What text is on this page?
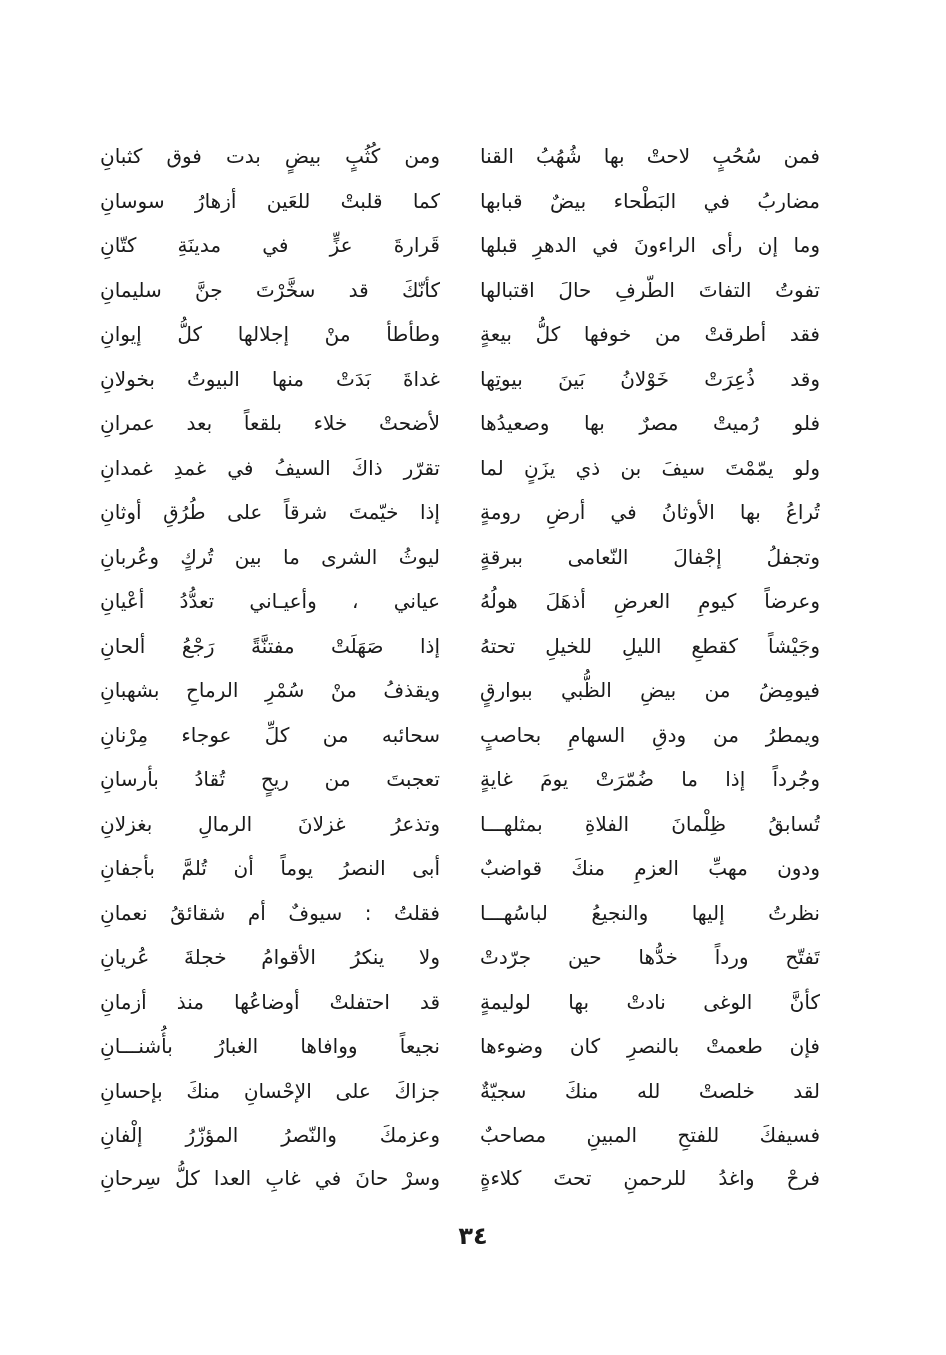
فمن سُحُبٍ لاحتْ بها شُهُبُ القنا
ومن كُثُبٍ بيضٍ بدت فوق كثبانِ
مضاربُ في البَطْحاء بيضٌ قبابها
كما قلبتْ للعَين أزهارُ سوسانِ
وما إن رأى الراءونَ في الدهرِ قبلها
قَرارةَ عزٍّ في مدينَةِ كتّانِ
تفوتُ التفاتَ الطّرفِ حالَ اقتبالها
كأنّكَ قد سخَّرْتَ جنَّ سليمانِ
فقد أطرقتْ من خوفها كلُّ بيعةٍ
وطأطأ منْ إجلالها كلُّ إيوانِ
وقد ذُعِرَتْ خَوْلانُ بَينَ بيوتِها
غداةَ بَدَتْ منها البيوتُ بخولانِ
فلو رُميتْ مصرٌ بها وصعيدُها
لأضحتْ خلاء بلقعاً بعد عمرانِ
ولو يمّمْتَ سيفَ بن ذي يزَنٍ لما
تقرّر ذاكَ السيفُ في غمدِ غمدانِ
تُراعُ بها الأوثانُ في أرضِ رومةٍ
إذا خيّمتَ شرقاً على طُرُقِ أوثانِ
وتجفلُ إجْفالَ النّعامى ببرقةٍ
ليوثُ الشرى ما بين تُركٍ وعُربانِ
وعرضاً كيومِ العرضِ أذهَلَ هولُهُ
عياني ، وأعيـاني تعدُّدُ أعْيانِ
وجَيْشاً كقطعِ الليلِ للخيلِ تحتهُ
إذا صَهَلَتْ مفتنَّةً رَجْعُ ألحانِ
فيومِضُ من بيضِ الظُّبي ببوارقٍ
ويقذفُ منْ سُمْرِ الرماحِ بشهبانِ
ويمطرُ من ودقِ السهامِ بحاصبٍ
سحائبه من كلِّ عوجاء مِرْنانِ
وجُرداً إذا ما ضُمّرَتْ يومَ غايةٍ
تعجبتَ من ريحٍ تُقادُ بأرسانِ
تُسابقُ ظِلْمانَ الفلاةِ بمثلهـــا
وتذعرُ غزلانَ الرمالِ بغزلانِ
ودون مهبِّ العزمِ منكَ قواضبٌ
أبى النصرُ يوماً أن تُلمَّ بأجفانِ
نظرتُ إليها والنجيعُ لباسُهـــا
فقلتُ : سيوفٌ أم شقائقُ نعمانِ
تَفتّح ورداً خدُّها حين جرّدتْ
ولا ينكرُ الأقوامُ خجلةَ عُريانِ
كأنَّ الوغى نادتْ بها لوليمةٍ
قد احتفلتْ أوضاعُها منذ أزمانِ
فإن طعمتْ بالنصرِ كان وضوءها
نجيعاً ووافاها الغبارُ بأُشنـــانِ
لقد خلصتْ لله منكَ سجيّةٌ
جزاكَ على الإحْسانِ منكَ بإحسانِ
فسيفكَ للفتحِ المبينِ مصاحبٌ
وعزمكَ والنّصرُ المؤزّرُ إلْفانِ
فرحْ واغدُ للرحمنِ تحتَ كلاءةٍ
وسرْ حانَ في غابِ العدا كلُّ سِرحانِ
٣٤
